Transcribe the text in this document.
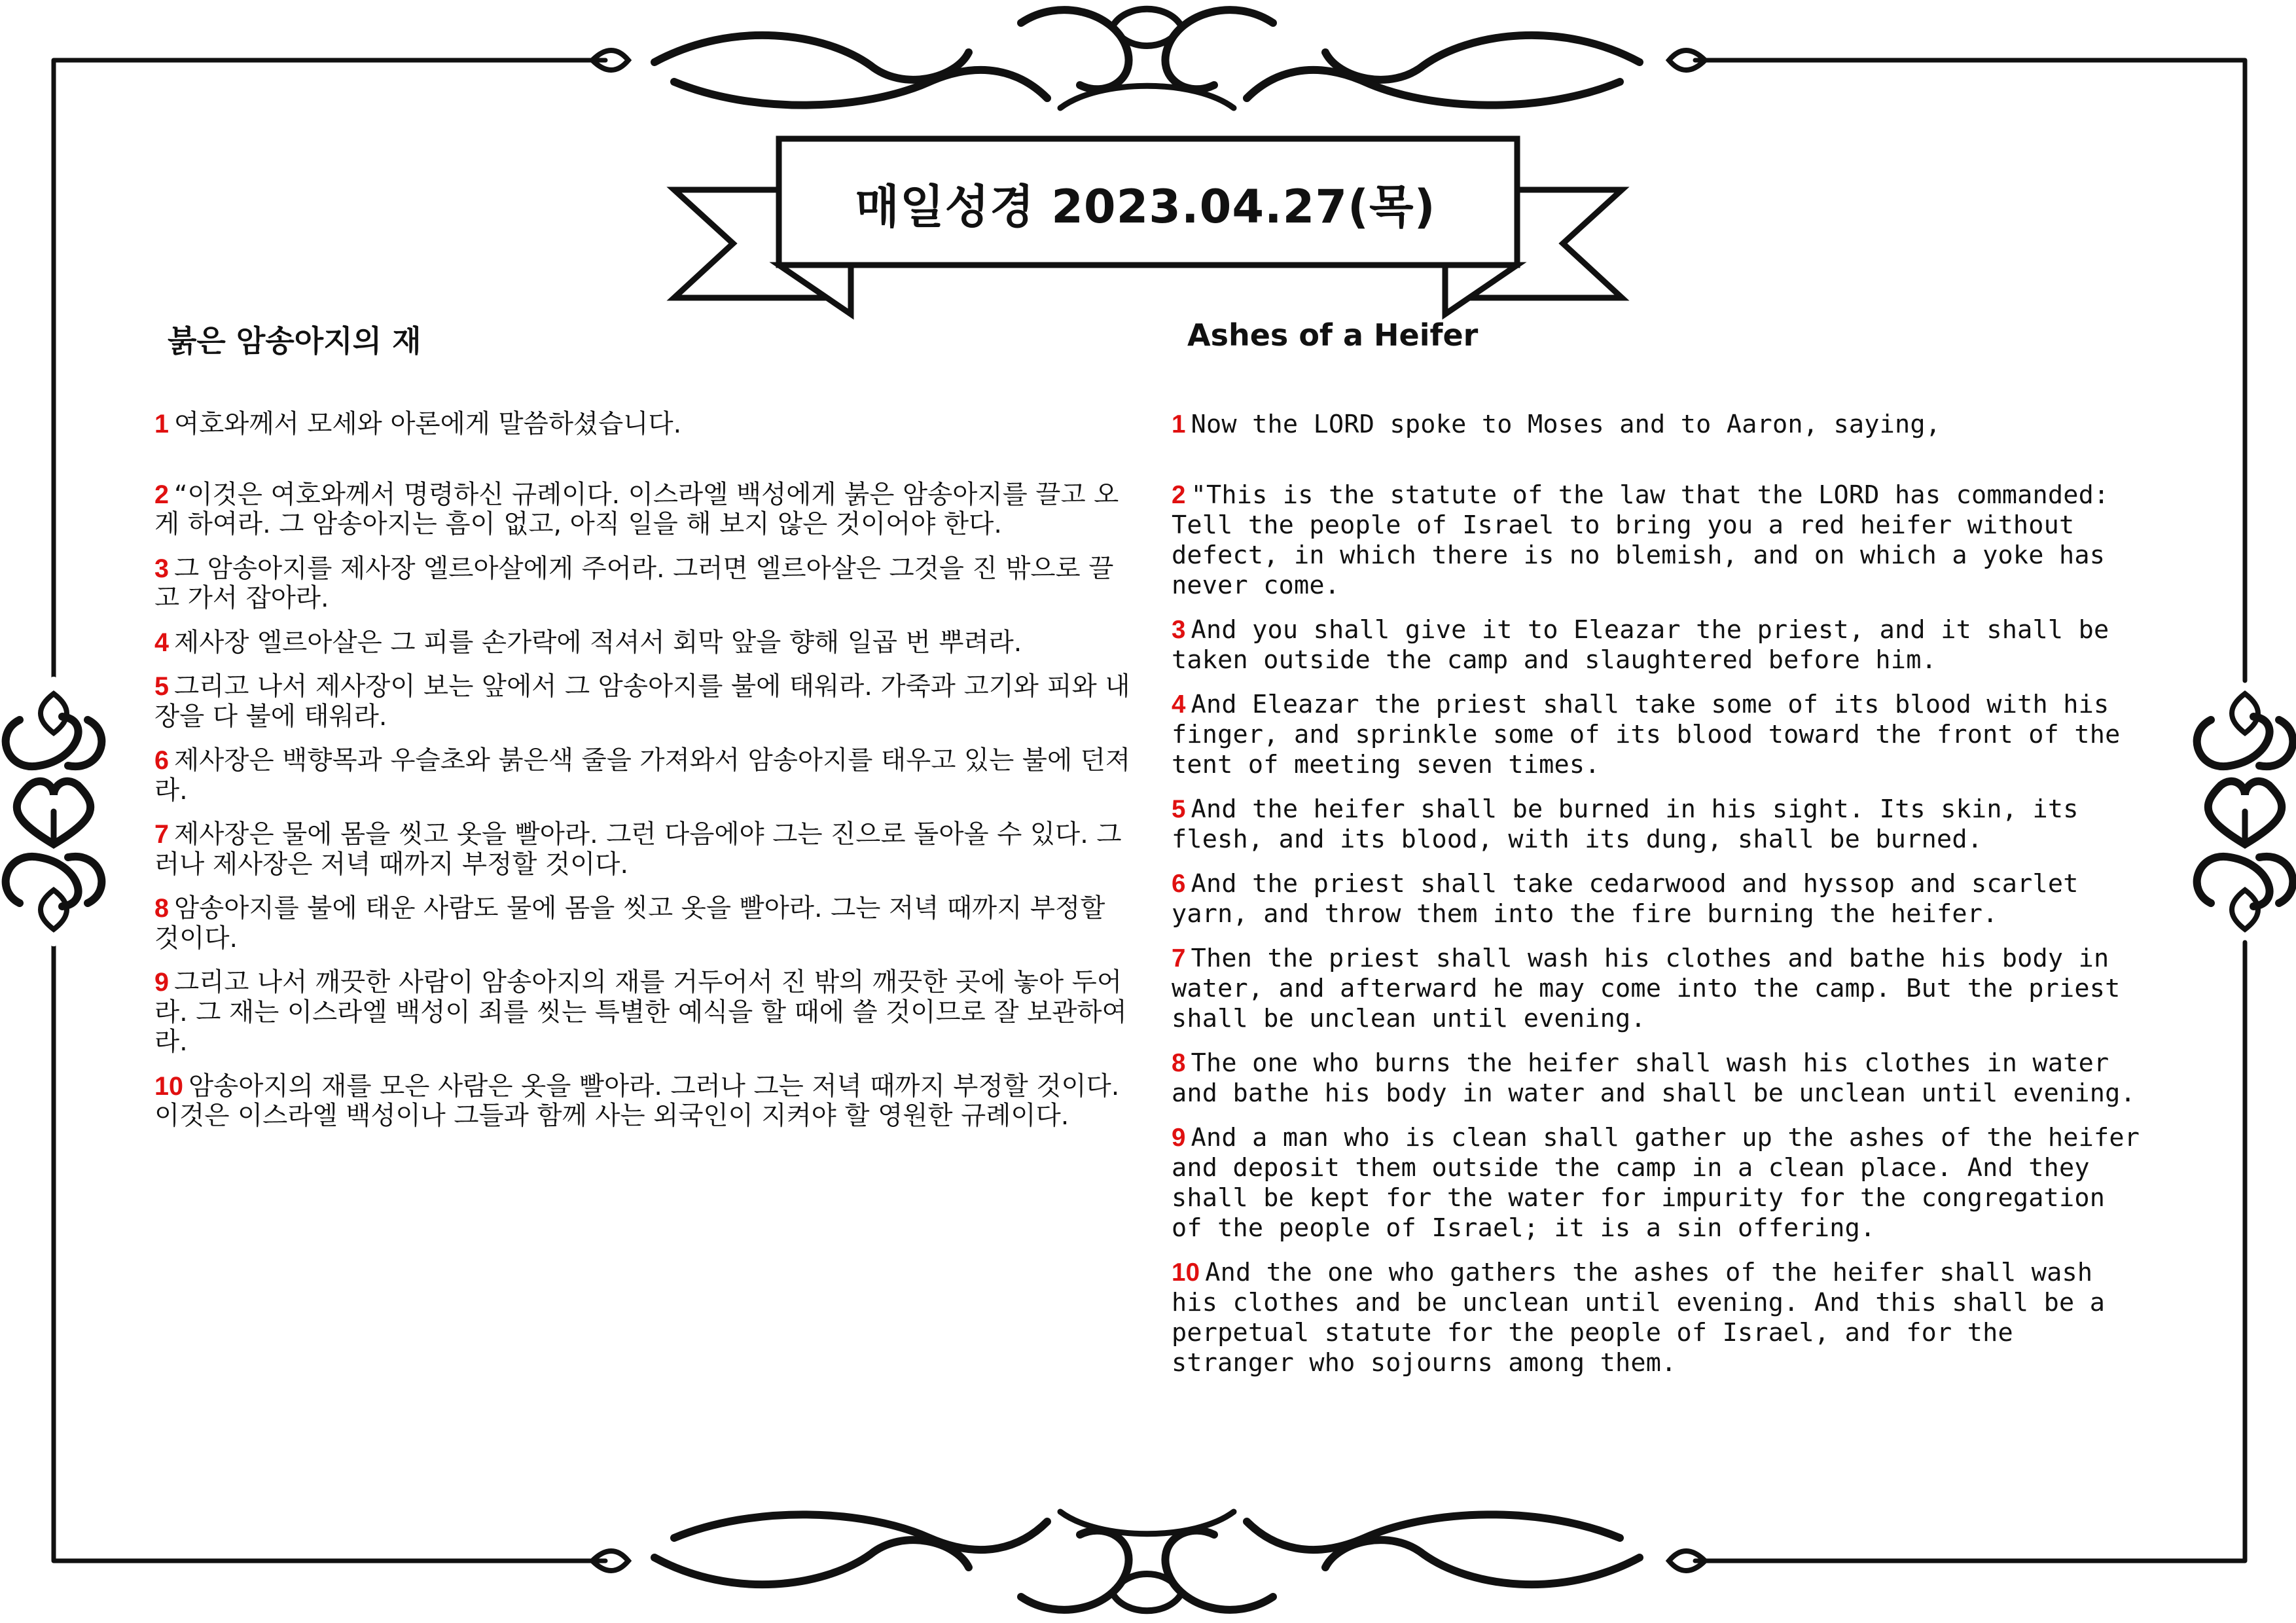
매일성경 2023.04.27(목)
붉은 암송아지의 재

1 여호와께서 모세와 아론에게 말씀하셨습니다.

2 “이것은 여호와께서 명령하신 규례이다. 이스라엘 백성에게 붉은 암송아지를 끌고 오게 하여라. 그 암송아지는 흠이 없고, 아직 일을 해 보지 않은 것이어야 한다.

3 그 암송아지를 제사장 엘르아살에게 주어라. 그러면 엘르아살은 그것을 진 밖으로 끌고 가서 잡아라.

4 제사장 엘르아살은 그 피를 손가락에 적셔서 회막 앞을 향해 일곱 번 뿌려라.

5 그리고 나서 제사장이 보는 앞에서 그 암송아지를 불에 태워라. 가죽과 고기와 피와 내장을 다 불에 태워라.

6 제사장은 백향목과 우슬초와 붉은색 줄을 가져와서 암송아지를 태우고 있는 불에 던져라.

7 제사장은 물에 몸을 씻고 옷을 빨아라. 그런 다음에야 그는 진으로 돌아올 수 있다. 그러나 제사장은 저녁 때까지 부정할 것이다.

8 암송아지를 불에 태운 사람도 물에 몸을 씻고 옷을 빨아라. 그는 저녁 때까지 부정할 것이다.

9 그리고 나서 깨끗한 사람이 암송아지의 재를 거두어서 진 밖의 깨끗한 곳에 놓아 두어라. 그 재는 이스라엘 백성이 죄를 씻는 특별한 예식을 할 때에 쓸 것이므로 잘 보관하여라.

10 암송아지의 재를 모은 사람은 옷을 빨아라. 그러나 그는 저녁 때까지 부정할 것이다. 이것은 이스라엘 백성이나 그들과 함께 사는 외국인이 지켜야 할 영원한 규례이다.

Ashes of a Heifer

1 Now the LORD spoke to Moses and to Aaron, saying,

2 "This is the statute of the law that the LORD has commanded: Tell the people of Israel to bring you a red heifer without defect, in which there is no blemish, and on which a yoke has never come.

3 And you shall give it to Eleazar the priest, and it shall be taken outside the camp and slaughtered before him.

4 And Eleazar the priest shall take some of its blood with his finger, and sprinkle some of its blood toward the front of the tent of meeting seven times.

5 And the heifer shall be burned in his sight. Its skin, its flesh, and its blood, with its dung, shall be burned.

6 And the priest shall take cedarwood and hyssop and scarlet yarn, and throw them into the fire burning the heifer.

7 Then the priest shall wash his clothes and bathe his body in water, and afterward he may come into the camp. But the priest shall be unclean until evening.

8 The one who burns the heifer shall wash his clothes in water and bathe his body in water and shall be unclean until evening.

9 And a man who is clean shall gather up the ashes of the heifer and deposit them outside the camp in a clean place. And they shall be kept for the water for impurity for the congregation of the people of Israel; it is a sin offering.

10 And the one who gathers the ashes of the heifer shall wash his clothes and be unclean until evening. And this shall be a perpetual statute for the people of Israel, and for the stranger who sojourns among them.
